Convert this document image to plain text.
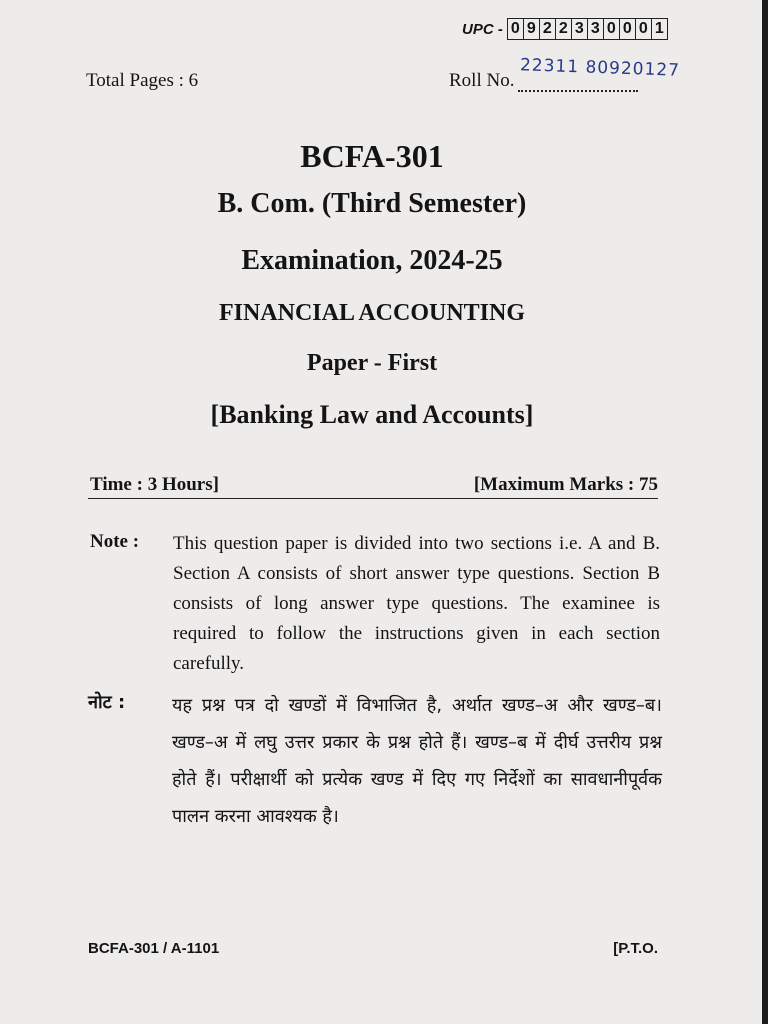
UPC - 0 9 2 2 3 3 0 0 0 1
Total Pages : 6	Roll No. 22311 80920127
BCFA-301
B. Com. (Third Semester)
Examination, 2024-25
FINANCIAL ACCOUNTING
Paper - First
[Banking Law and Accounts]
Time : 3 Hours]	[Maximum Marks : 75
Note : This question paper is divided into two sections i.e. A and B. Section A consists of short answer type questions. Section B consists of long answer type questions. The examinee is required to follow the instructions given in each section carefully.
नोट :	यह प्रश्न पत्र दो खण्डों में विभाजित है, अर्थात खण्ड–अ और खण्ड–ब। खण्ड–अ में लघु उत्तर प्रकार के प्रश्न होते हैं। खण्ड–ब में दीर्घ उत्तरीय प्रश्न होते हैं। परीक्षार्थी को प्रत्येक खण्ड में दिए गए निर्देशों का सावधानीपूर्वक पालन करना आवश्यक है।
BCFA-301 / A-1101	[P.T.O.
